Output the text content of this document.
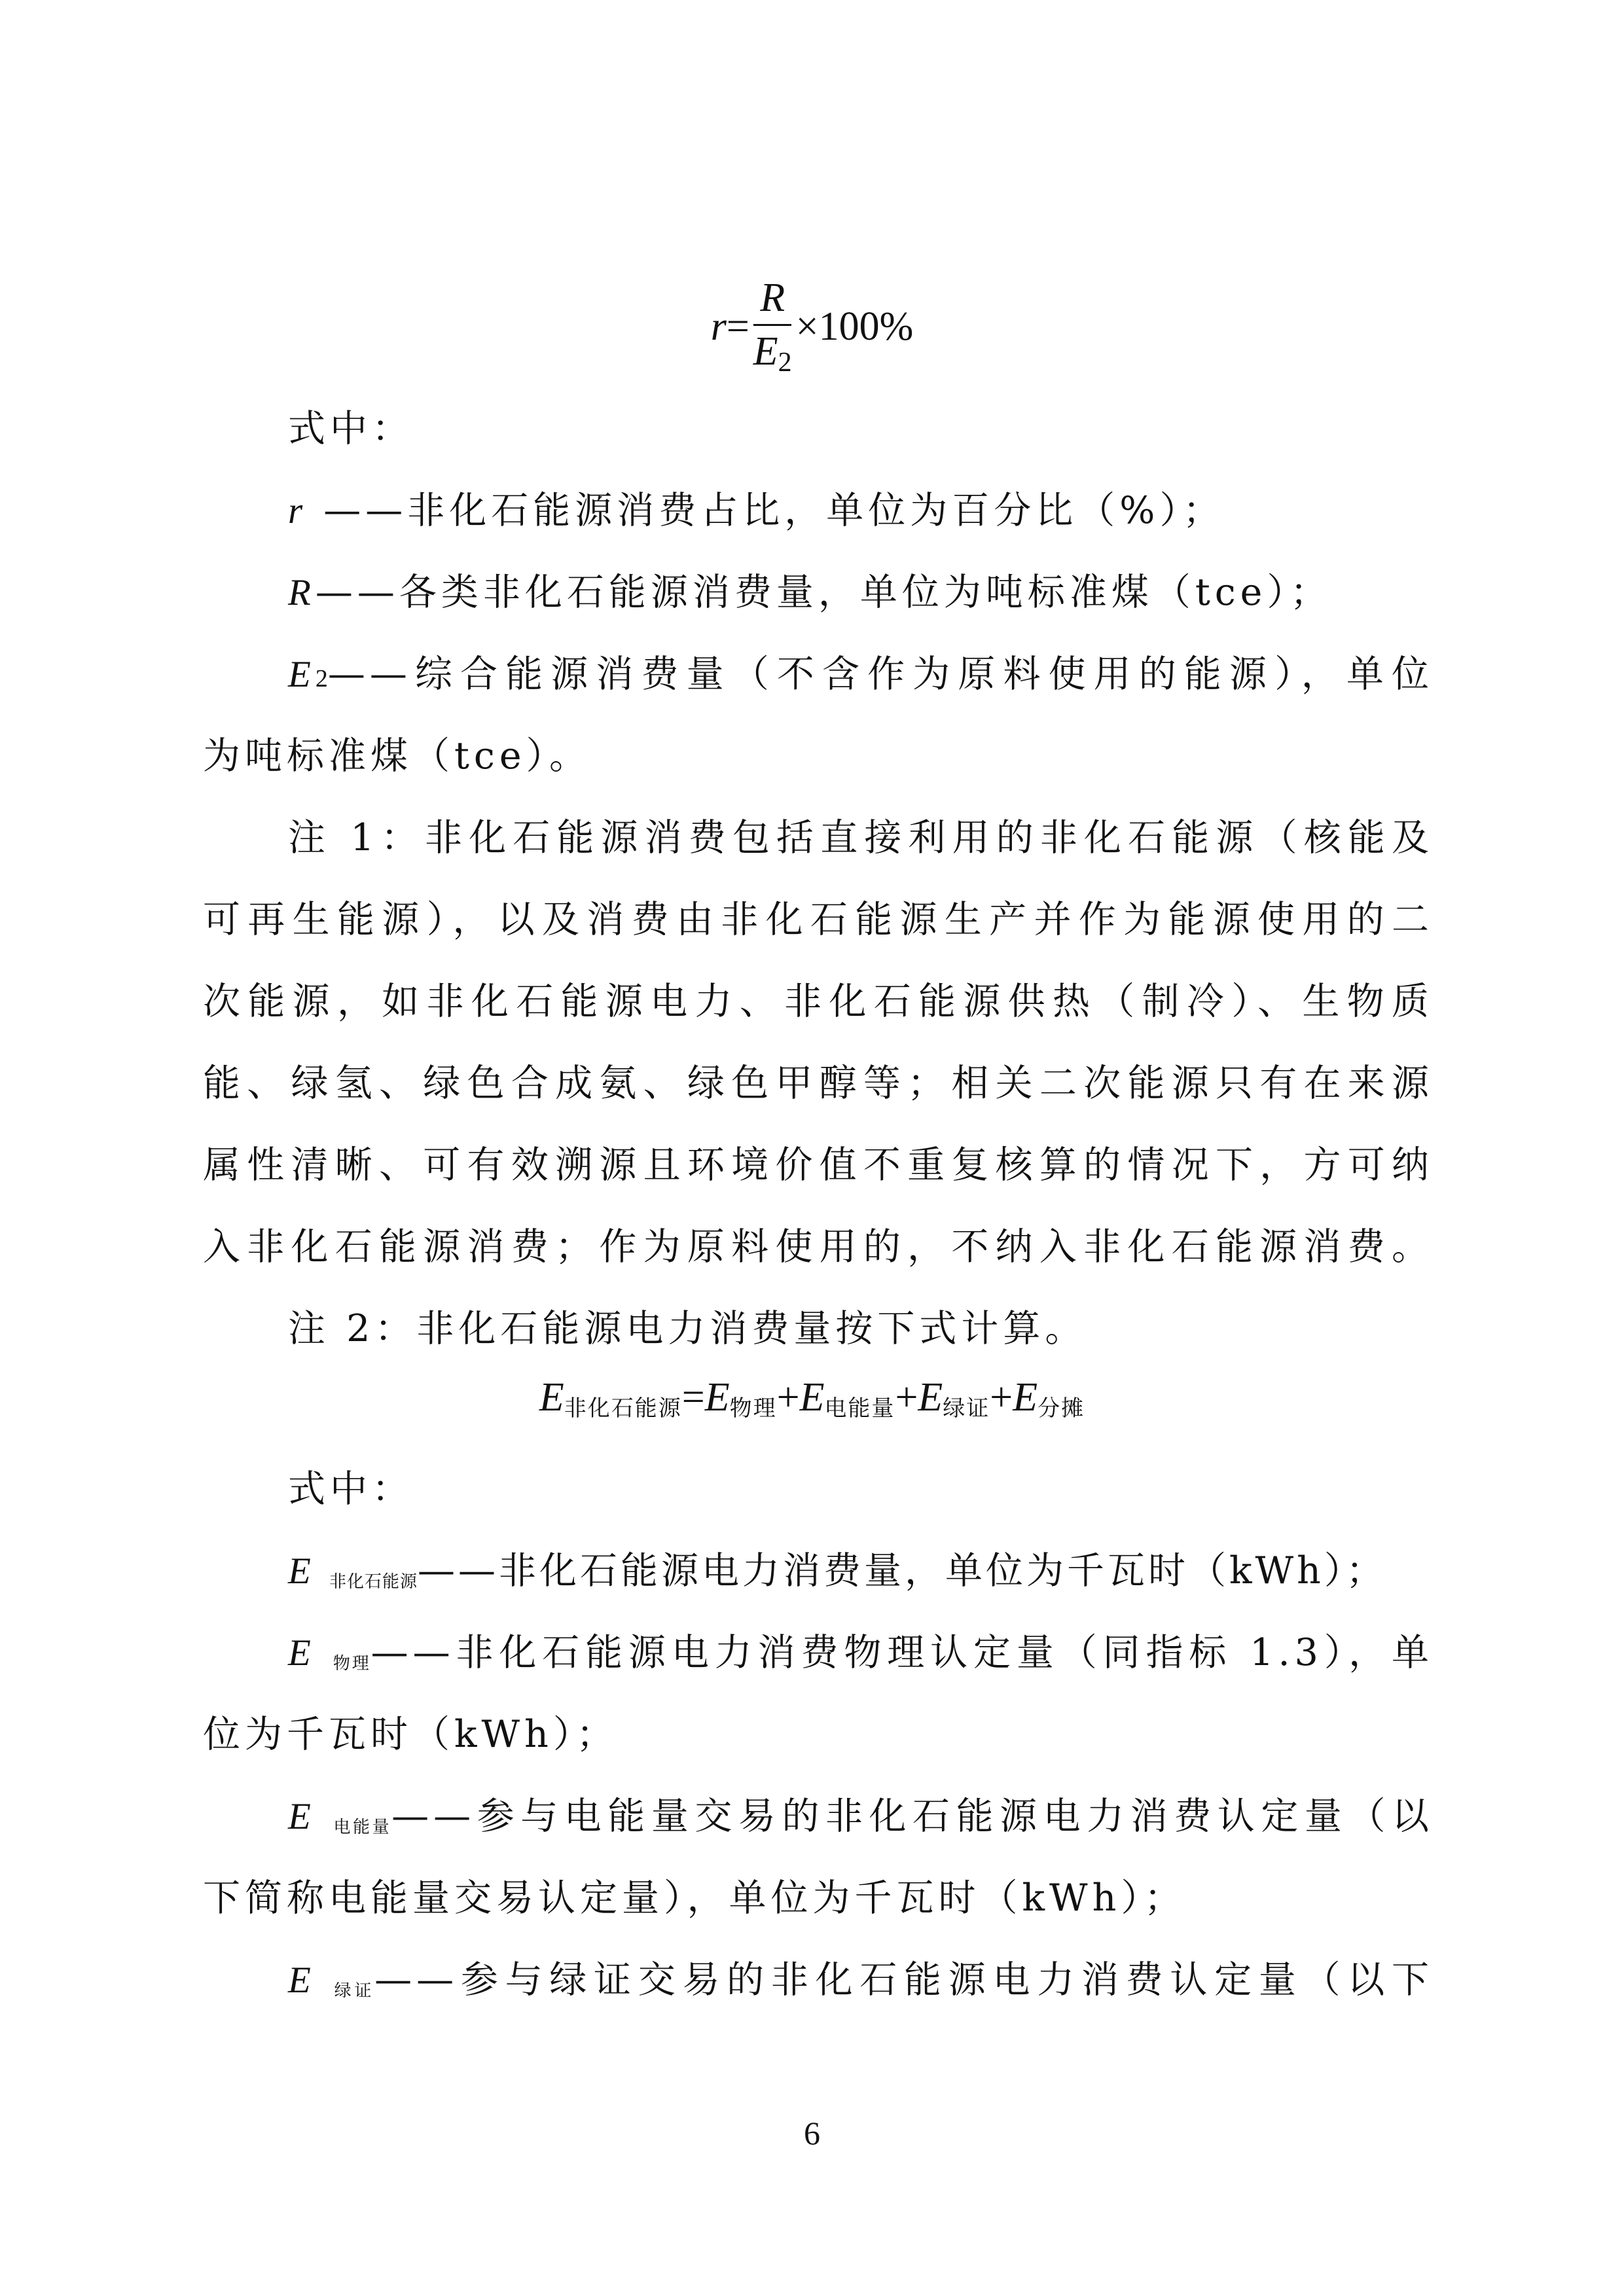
$r = \frac{R}{E2} \times 100\%$
式中：
r ——非化石能源消费占比，单位为百分比（%）；
R——各类非化石能源消费量，单位为吨标准煤（tce）；
E2——综合能源消费量（不含作为原料使用的能源），单位
为吨标准煤（tce）。
注 1：非化石能源消费包括直接利用的非化石能源（核能及
可再生能源），以及消费由非化石能源生产并作为能源使用的二
次能源，如非化石能源电力、非化石能源供热（制冷）、生物质
能、绿氢、绿色合成氨、绿色甲醇等；相关二次能源只有在来源
属性清晰、可有效溯源且环境价值不重复核算的情况下，方可纳
入非化石能源消费；作为原料使用的，不纳入非化石能源消费。
注 2：非化石能源电力消费量按下式计算。
$E_{非化石能源}=E_{物理}+E_{电能量}+E_{绿证}+E_{分摊}$
式中：
E 非化石能源——非化石能源电力消费量，单位为千瓦时（kWh）；
E 物理——非化石能源电力消费物理认定量（同指标 1.3），单
位为千瓦时（kWh）；
E 电能量——参与电能量交易的非化石能源电力消费认定量（以
下简称电能量交易认定量），单位为千瓦时（kWh）；
E 绿证——参与绿证交易的非化石能源电力消费认定量（以下
6
